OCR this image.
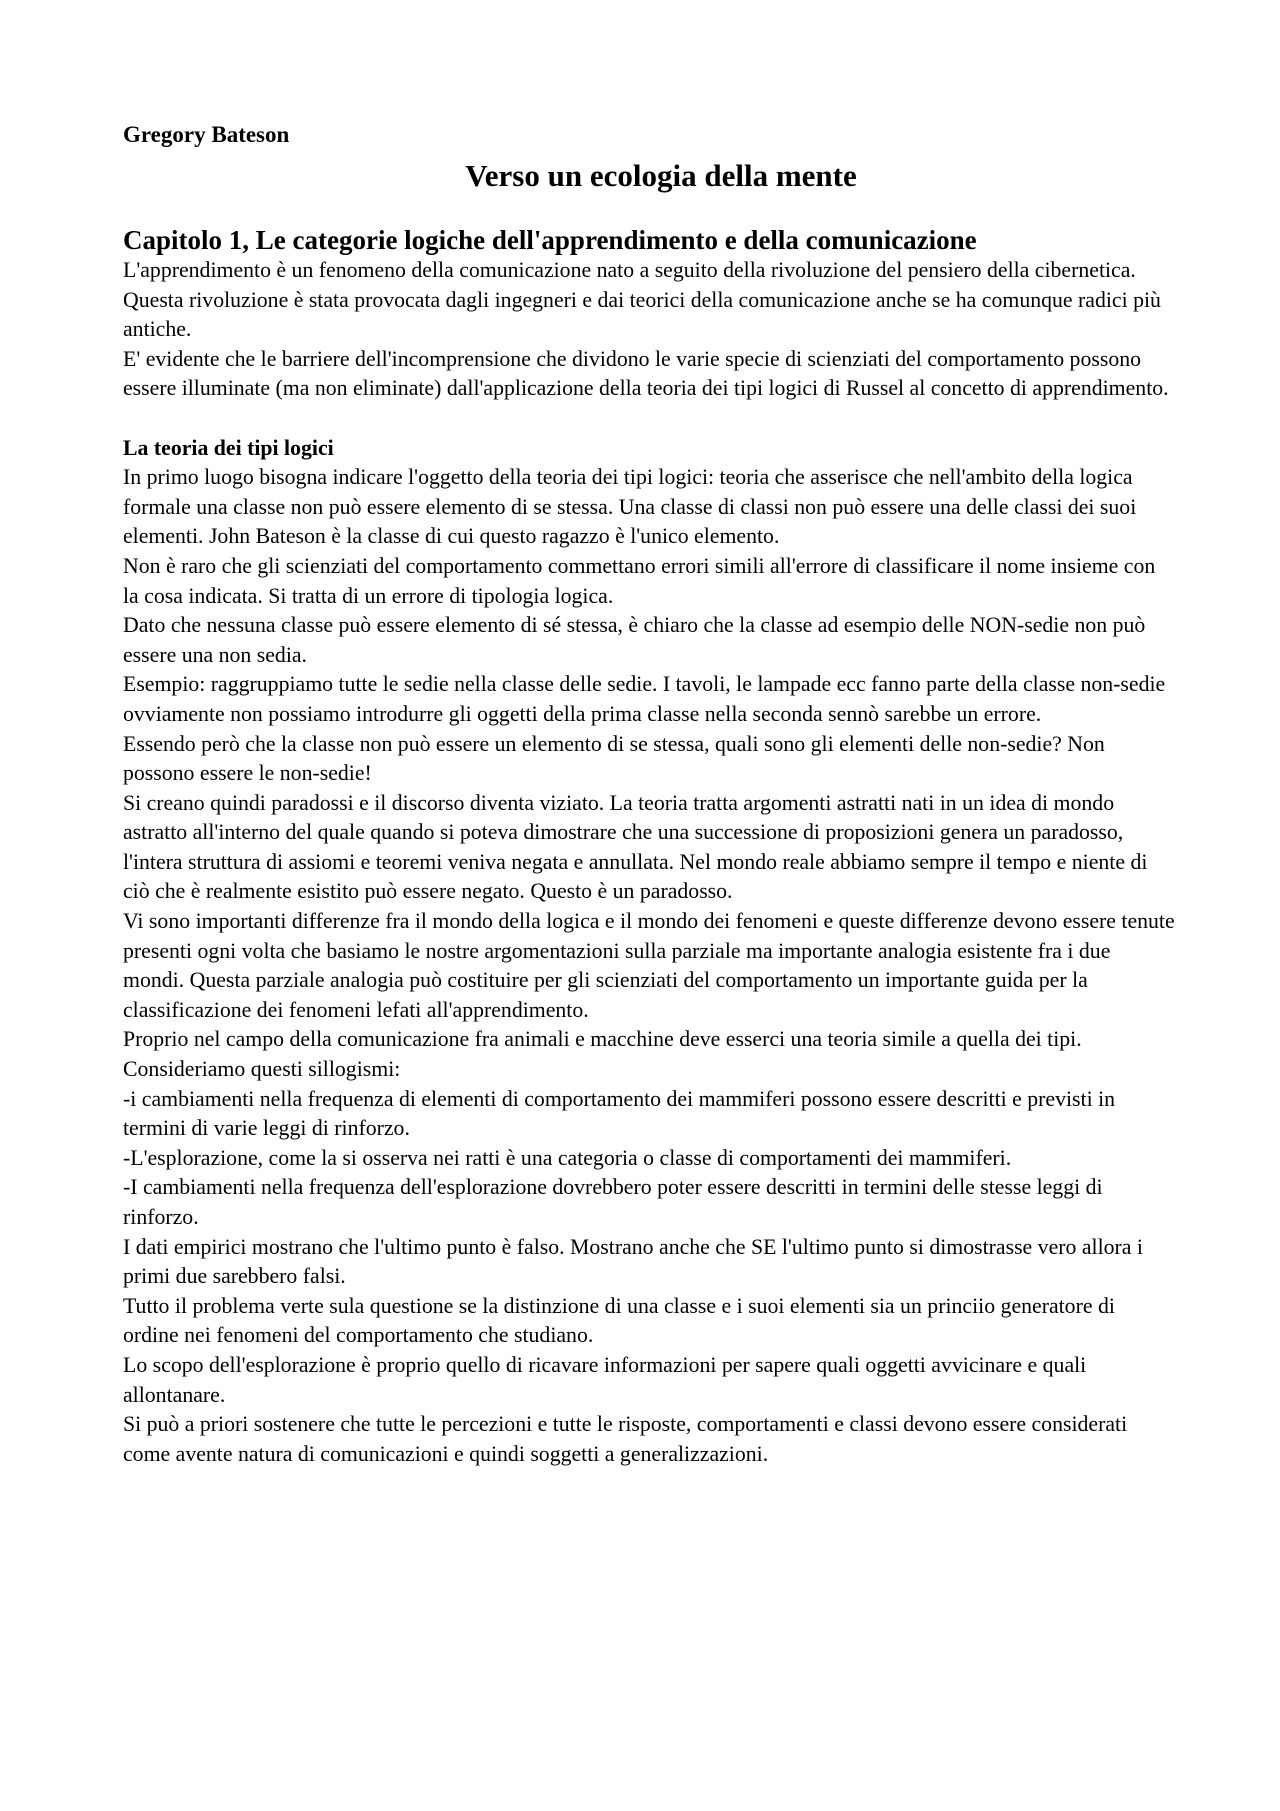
Gregory Bateson

Verso un ecologia della mente
Capitolo 1, Le categorie logiche dell'apprendimento e della comunicazione

L'apprendimento è un fenomeno della comunicazione nato a seguito della rivoluzione del pensiero della cibernetica. Questa rivoluzione è stata provocata dagli ingegneri e dai teorici della comunicazione anche se ha comunque radici più antiche.

E' evidente che le barriere dell'incomprensione che dividono le varie specie di scienziati del comportamento possono essere illuminate (ma non eliminate) dall'applicazione della teoria dei tipi logici di Russel al concetto di apprendimento.

La teoria dei tipi logici

In primo luogo bisogna indicare l'oggetto della teoria dei tipi logici: teoria che asserisce che nell'ambito della logica formale una classe non può essere elemento di se stessa. Una classe di classi non può essere una delle classi dei suoi elementi. John Bateson è la classe di cui questo ragazzo è l'unico elemento.

Non è raro che gli scienziati del comportamento commettano errori simili all'errore di classificare il nome insieme con la cosa indicata. Si tratta di un errore di tipologia logica.

Dato che nessuna classe può essere elemento di sé stessa, è chiaro che la classe ad esempio delle NON-sedie non può essere una non sedia.

Esempio: raggruppiamo tutte le sedie nella classe delle sedie. I tavoli, le lampade ecc fanno parte della classe non-sedie ovviamente non possiamo introdurre gli oggetti della prima classe nella seconda sennò sarebbe un errore.

Essendo però che la classe non può essere un elemento di se stessa, quali sono gli elementi delle non-sedie? Non possono essere le non-sedie!

Si creano quindi paradossi e il discorso diventa viziato. La teoria tratta argomenti astratti nati in un idea di mondo astratto all'interno del quale quando si poteva dimostrare che una successione di proposizioni genera un paradosso, l'intera struttura di assiomi e teoremi veniva negata e annullata. Nel mondo reale abbiamo sempre il tempo e niente di ciò che è realmente esistito può essere negato. Questo è un paradosso.

Vi sono importanti differenze fra il mondo della logica e il mondo dei fenomeni e queste differenze devono essere tenute presenti ogni volta che basiamo le nostre argomentazioni sulla parziale ma importante analogia esistente fra i due mondi. Questa parziale analogia può costituire per gli scienziati del comportamento un importante guida per la classificazione dei fenomeni lefati all'apprendimento.

Proprio nel campo della comunicazione fra animali e macchine deve esserci una teoria simile a quella dei tipi.

Consideriamo questi sillogismi:

-i cambiamenti nella frequenza di elementi di comportamento dei mammiferi possono essere descritti e previsti in termini di varie leggi di rinforzo.

-L'esplorazione, come la si osserva nei ratti è una categoria o classe di comportamenti dei mammiferi.

-I cambiamenti nella frequenza dell'esplorazione dovrebbero poter essere descritti in termini delle stesse leggi di rinforzo.

I dati empirici mostrano che l'ultimo punto è falso. Mostrano anche che SE l'ultimo punto si dimostrasse vero allora i primi due sarebbero falsi.

Tutto il problema verte sula questione se la distinzione di una classe e i suoi elementi sia un princiio generatore di ordine nei fenomeni del comportamento che studiano.

Lo scopo dell'esplorazione è proprio quello di ricavare informazioni per sapere quali oggetti avvicinare e quali allontanare.

Si può a priori sostenere che tutte le percezioni e tutte le risposte, comportamenti e classi devono essere considerati come avente natura di comunicazioni e quindi soggetti a generalizzazioni.
